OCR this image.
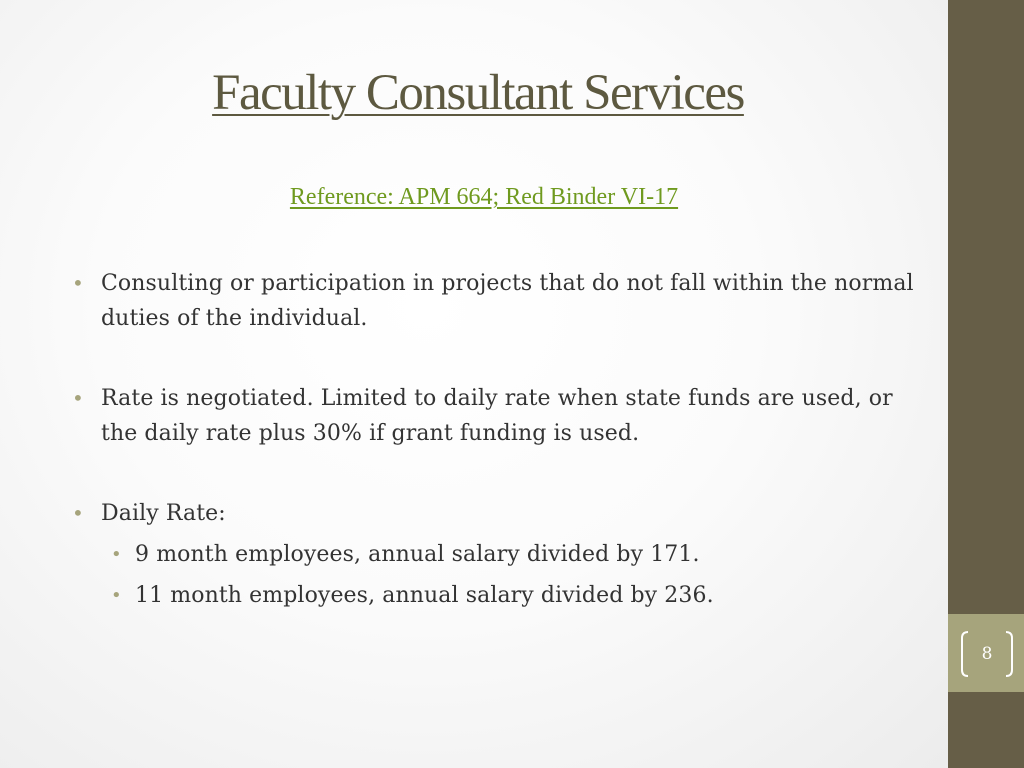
Faculty Consultant Services
Reference: APM 664; Red Binder VI-17
• Consulting or participation in projects that do not fall within the normal duties of the individual.
• Rate is negotiated. Limited to daily rate when state funds are used, or the daily rate plus 30% if grant funding is used.
• Daily Rate:
• 9 month employees, annual salary divided by 171.
• 11 month employees, annual salary divided by 236.
8
